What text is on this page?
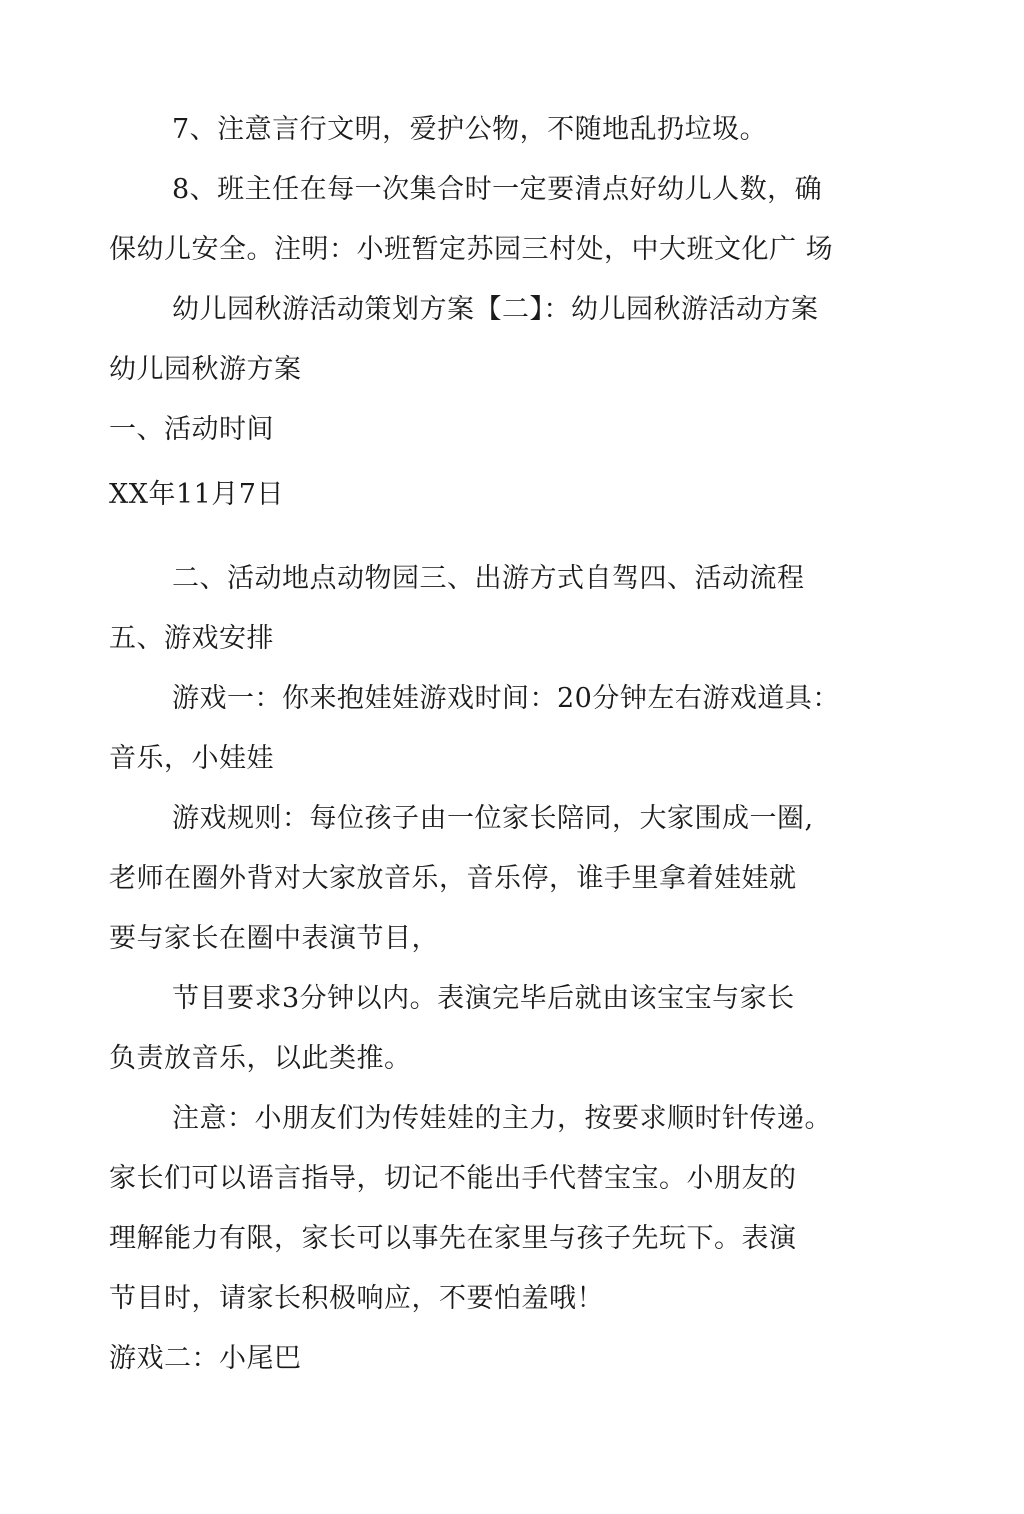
7、注意言行文明，爱护公物，不随地乱扔垃圾。
8、班主任在每一次集合时一定要清点好幼儿人数，确
保幼儿安全。注明：小班暂定苏园三村处，中大班文化广 场
幼儿园秋游活动策划方案【二】：幼儿园秋游活动方案
幼儿园秋游方案
一、活动时间
XX年11月7日
二、活动地点动物园三、出游方式自驾四、活动流程
五、游戏安排
游戏一：你来抱娃娃游戏时间：20分钟左右游戏道具：
音乐，小娃娃
游戏规则：每位孩子由一位家长陪同，大家围成一圈,
老师在圈外背对大家放音乐，音乐停，谁手里拿着娃娃就
要与家长在圈中表演节目，
节目要求3分钟以内。表演完毕后就由该宝宝与家长
负责放音乐，以此类推。
注意：小朋友们为传娃娃的主力，按要求顺时针传递。
家长们可以语言指导，切记不能出手代替宝宝。小朋友的
理解能力有限，家长可以事先在家里与孩子先玩下。表演
节目时，请家长积极响应，不要怕羞哦！
游戏二：小尾巴
